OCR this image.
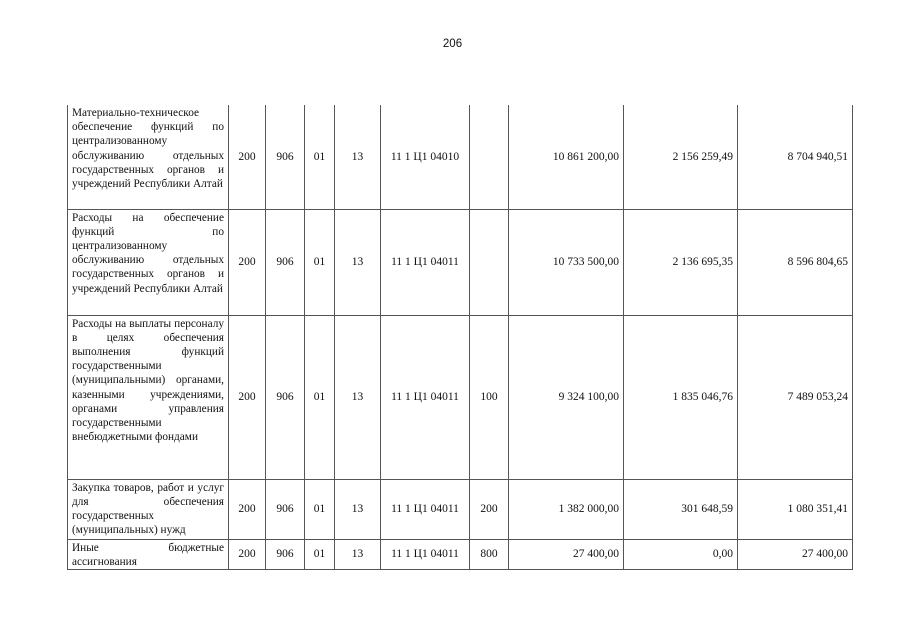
206
Материально-техническое обеспечение функций по централизованному обслуживанию отдельных государственных органов и учреждений Республики Алтай	200	906	01	13	11 1 Ц1 04010		10 861 200,00	2 156 259,49	8 704 940,51
Расходы на обеспечение функций по централизованному обслуживанию отдельных государственных органов и учреждений Республики Алтай	200	906	01	13	11 1 Ц1 04011		10 733 500,00	2 136 695,35	8 596 804,65
Расходы на выплаты персоналу в целях обеспечения выполнения функций государственными (муниципальными) органами, казенными учреждениями, органами управления государственными внебюджетными фондами	200	906	01	13	11 1 Ц1 04011	100	9 324 100,00	1 835 046,76	7 489 053,24
Закупка товаров, работ и услуг для обеспечения государственных (муниципальных) нужд	200	906	01	13	11 1 Ц1 04011	200	1 382 000,00	301 648,59	1 080 351,41
Иные бюджетные ассигнования	200	906	01	13	11 1 Ц1 04011	800	27 400,00	0,00	27 400,00
